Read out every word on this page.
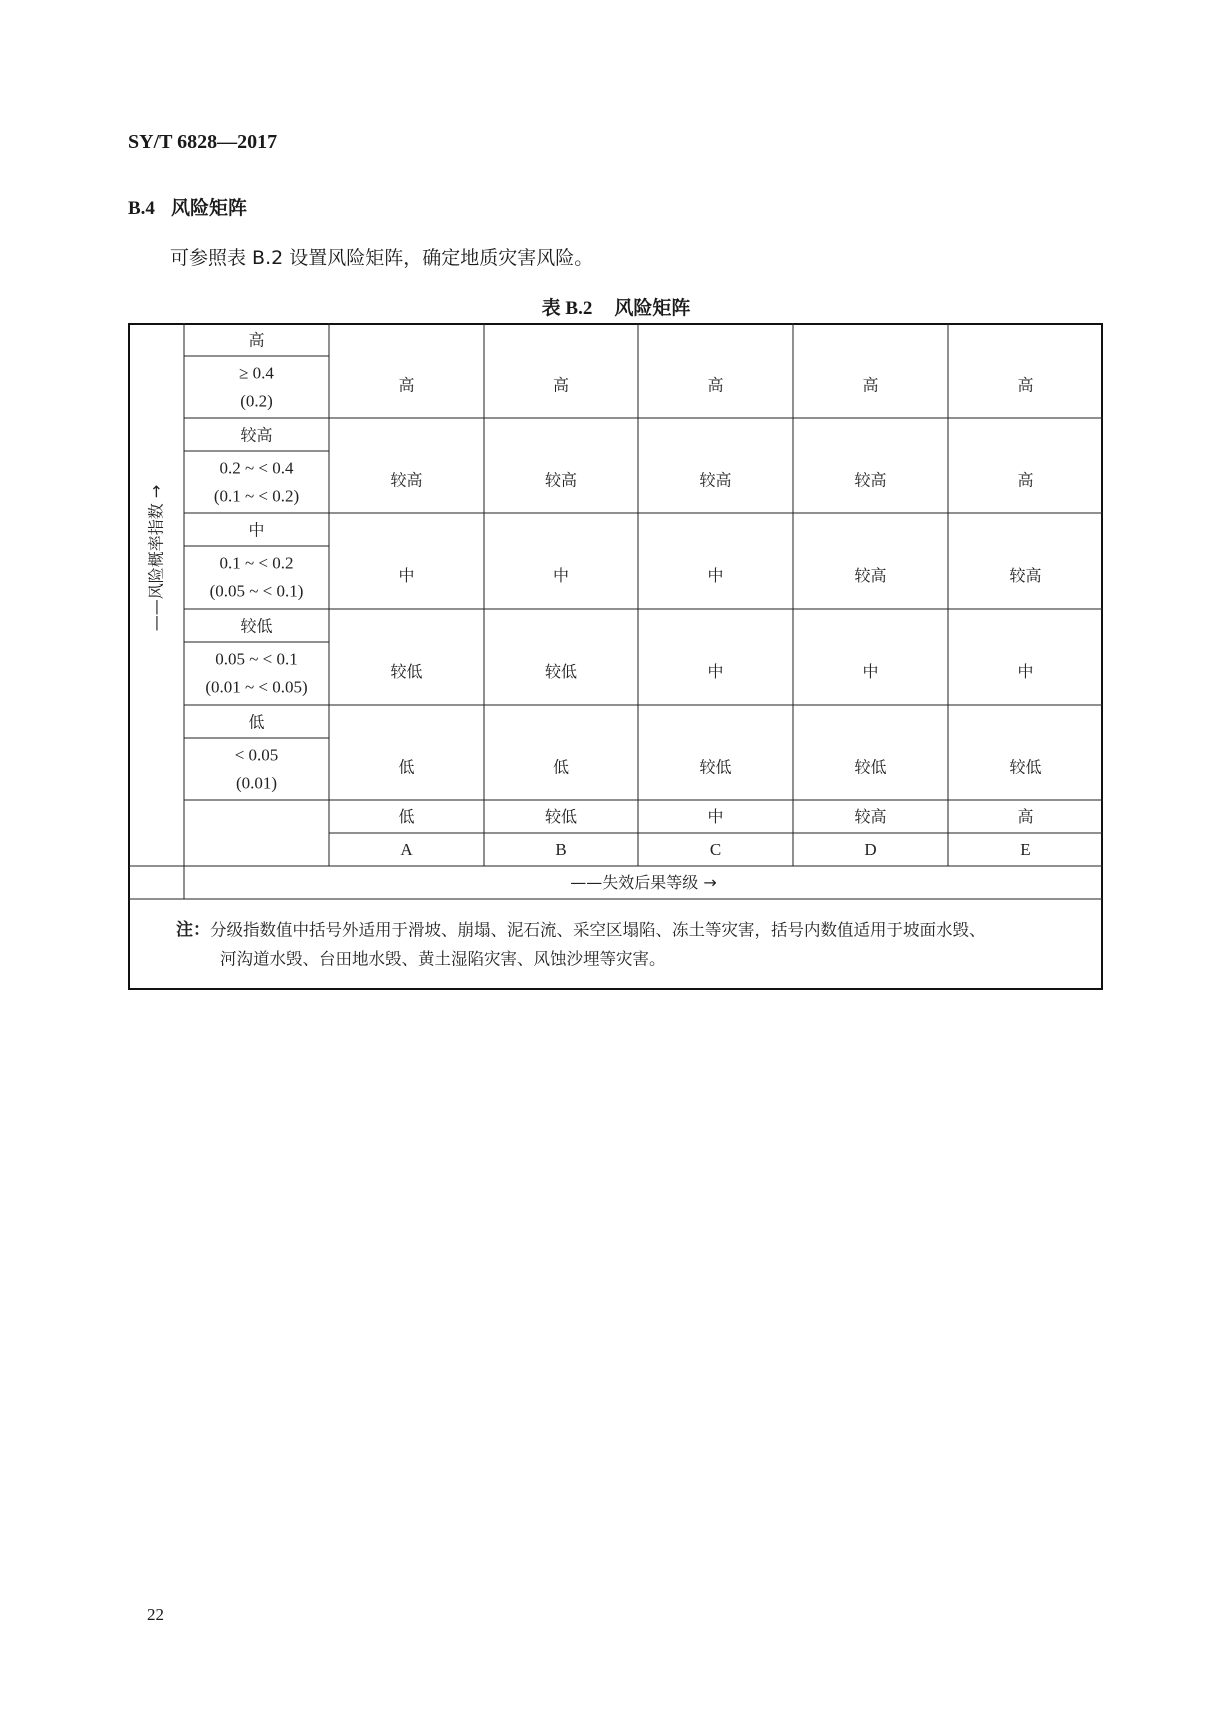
SY/T 6828—2017
B.4 风险矩阵
可参照表 B.2 设置风险矩阵，确定地质灾害风险。
表 B.2 风险矩阵
高
≥ 0.4
(0.2)
高	高	高	高	高
较高
0.2 ~ < 0.4
(0.1 ~ < 0.2)
较高	较高	较高	较高	高
中
0.1 ~ < 0.2
(0.05 ~ < 0.1)
中	中	中	较高	较高
较低
0.05 ~ < 0.1
(0.01 ~ < 0.05)
较低	较低	中	中	中
低
< 0.05
(0.01)
低	低	较低	较低	较低
低	较低	中	较高	高
A	B	C	D	E
——失效后果等级 →
——风险概率指数 →
注： 分级指数值中括号外适用于滑坡、崩塌、泥石流、采空区塌陷、冻土等灾害，括号内数值适用于坡面水毁、
河沟道水毁、台田地水毁、黄土湿陷灾害、风蚀沙埋等灾害。
22
